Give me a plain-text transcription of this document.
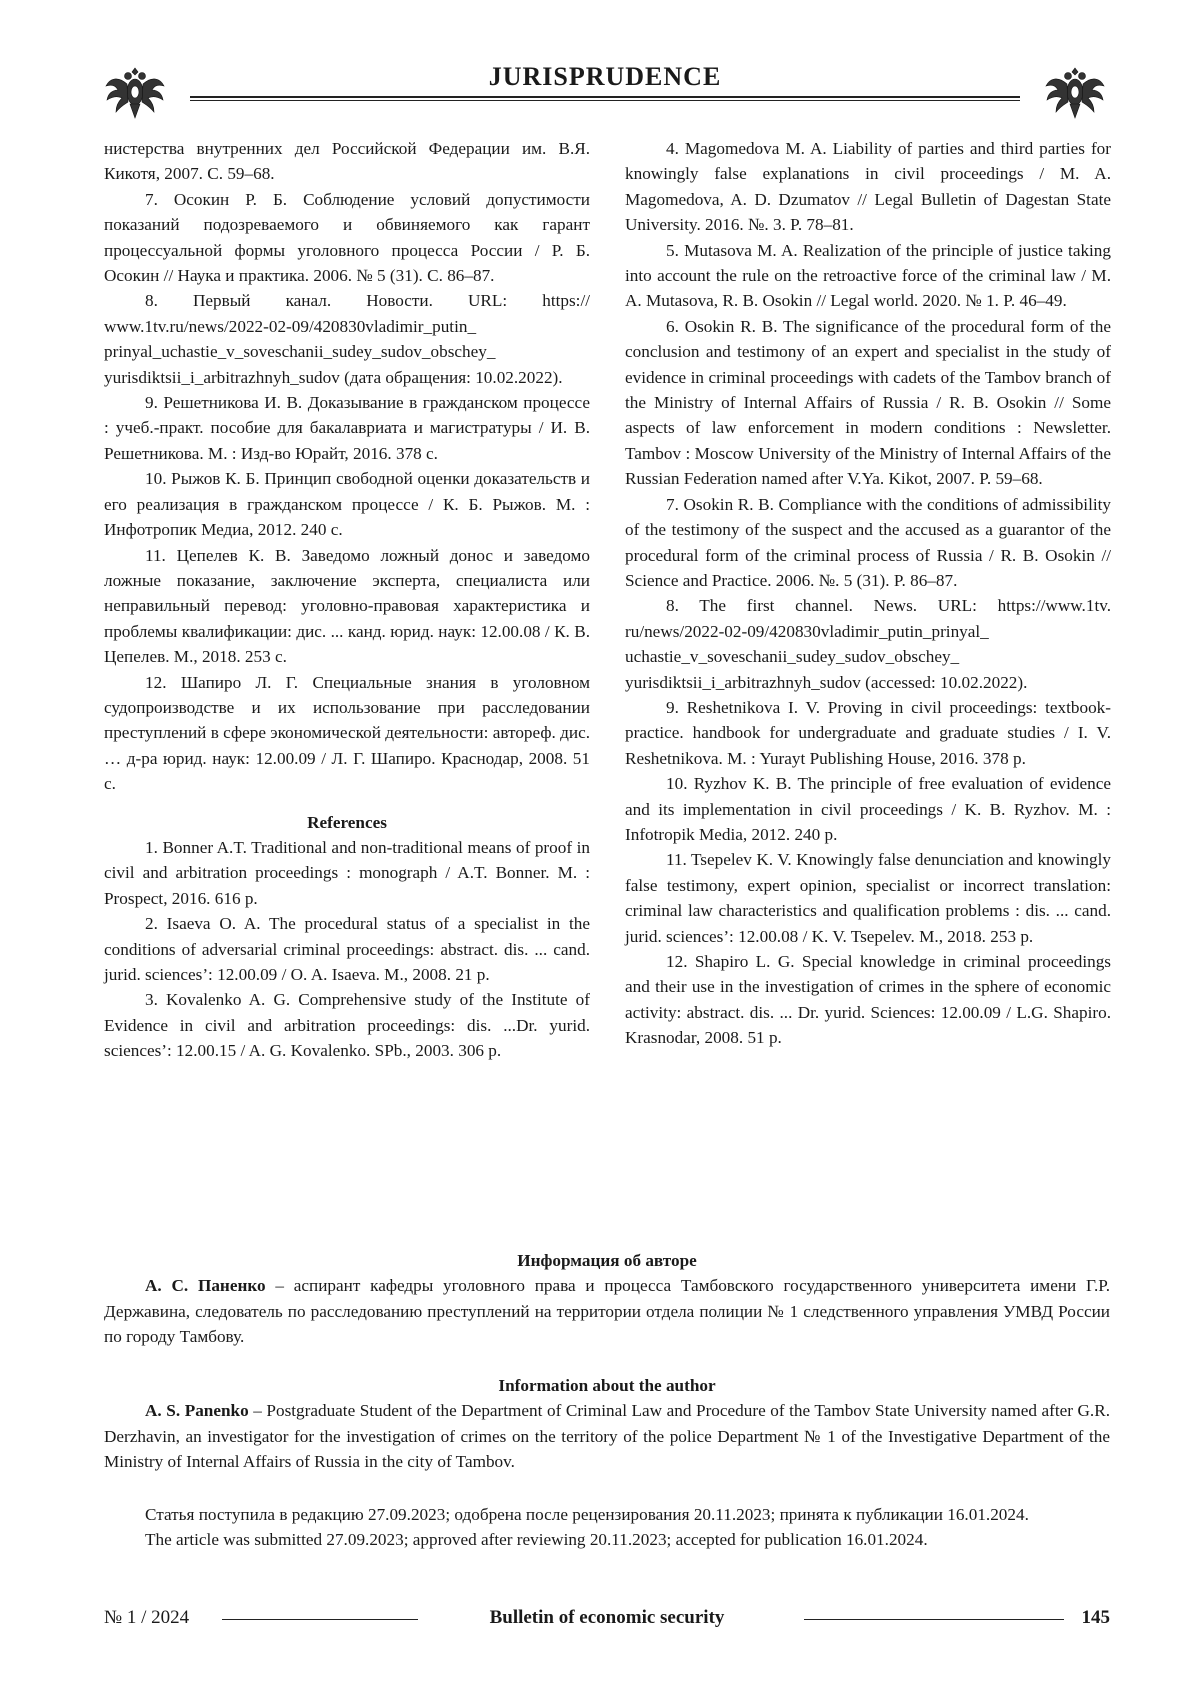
JURISPRUDENCE

нистерства внутренних дел Российской Федерации им. В.Я. Кикотя, 2007. С. 59–68.

7. Осокин Р. Б. Соблюдение условий допустимости показаний подозреваемого и обвиняемого как гарант процессуальной формы уголовного процесса России / Р. Б. Осокин // Наука и практика. 2006. № 5 (31). С. 86–87.

8. Первый канал. Новости. URL: https:// www.1tv.ru/news/2022-02-09/420830vladimir_putin_ prinyal_uchastie_v_soveschanii_sudey_sudov_obschey_ yurisdiktsii_i_arbitrazhnyh_sudov (дата обращения: 10.02.2022).

9. Решетникова И. В. Доказывание в гражданском процессе : учеб.-практ. пособие для бакалавриата и магистратуры / И. В. Решетникова. М. : Изд-во Юрайт, 2016. 378 с.

10. Рыжов К. Б. Принцип свободной оценки доказательств и его реализация в гражданском процессе / К. Б. Рыжов. М. : Инфотропик Медиа, 2012. 240 с.

11. Цепелев К. В. Заведомо ложный донос и заведомо ложные показание, заключение эксперта, специалиста или неправильный перевод: уголовно-правовая характеристика и проблемы квалификации: дис. ... канд. юрид. наук: 12.00.08 / К. В. Цепелев. М., 2018. 253 с.

12. Шапиро Л. Г. Специальные знания в уголовном судопроизводстве и их использование при расследовании преступлений в сфере экономической деятельности: автореф. дис. … д-ра юрид. наук: 12.00.09 / Л. Г. Шапиро. Краснодар, 2008. 51 с.

References

1. Bonner A.T. Traditional and non-traditional means of proof in civil and arbitration proceedings : monograph / A.T. Bonner. M. : Prospect, 2016. 616 p.

2. Isaeva O. A. The procedural status of a specialist in the conditions of adversarial criminal proceedings: abstract. dis. ... cand. jurid. sciences’: 12.00.09 / O. A. Isaeva. M., 2008. 21 p.

3. Kovalenko A. G. Comprehensive study of the Institute of Evidence in civil and arbitration proceedings: dis. ...Dr. yurid. sciences’: 12.00.15 / A. G. Kovalenko. SPb., 2003. 306 p.

4. Magomedova M. A. Liability of parties and third parties for knowingly false explanations in civil proceedings / M. A. Magomedova, A. D. Dzumatov // Legal Bulletin of Dagestan State University. 2016. №. 3. P. 78–81.

5. Mutasova M. A. Realization of the principle of justice taking into account the rule on the retroactive force of the criminal law / M. A. Mutasova, R. B. Osokin // Legal world. 2020. № 1. P. 46–49.

6. Osokin R. B. The significance of the procedural form of the conclusion and testimony of an expert and specialist in the study of evidence in criminal proceedings with cadets of the Tambov branch of the Ministry of Internal Affairs of Russia / R. B. Osokin // Some aspects of law enforcement in modern conditions : Newsletter. Tambov : Moscow University of the Ministry of Internal Affairs of the Russian Federation named after V.Ya. Kikot, 2007. P. 59–68.

7. Osokin R. B. Compliance with the conditions of admissibility of the testimony of the suspect and the accused as a guarantor of the procedural form of the criminal process of Russia / R. B. Osokin // Science and Practice. 2006. №. 5 (31). P. 86–87.

8. The first channel. News. URL: https://www.1tv. ru/news/2022-02-09/420830vladimir_putin_prinyal_ uchastie_v_soveschanii_sudey_sudov_obschey_ yurisdiktsii_i_arbitrazhnyh_sudov (accessed: 10.02.2022).

9. Reshetnikova I. V. Proving in civil proceedings: textbook-practice. handbook for undergraduate and graduate studies / I. V. Reshetnikova. M. : Yurayt Publishing House, 2016. 378 p.

10. Ryzhov K. B. The principle of free evaluation of evidence and its implementation in civil proceedings / K. B. Ryzhov. M. : Infotropik Media, 2012. 240 p.

11. Tsepelev K. V. Knowingly false denunciation and knowingly false testimony, expert opinion, specialist or incorrect translation: criminal law characteristics and qualification problems : dis. ... cand. jurid. sciences’: 12.00.08 / K. V. Tsepelev. M., 2018. 253 p.

12. Shapiro L. G. Special knowledge in criminal proceedings and their use in the investigation of crimes in the sphere of economic activity: abstract. dis. ... Dr. yurid. Sciences: 12.00.09 / L.G. Shapiro. Krasnodar, 2008. 51 p.

Информация об авторе

А. С. Паненко – аспирант кафедры уголовного права и процесса Тамбовского государственного университета имени Г.Р. Державина, следователь по расследованию преступлений на территории отдела полиции № 1 следственного управления УМВД России по городу Тамбову.

Information about the author

A. S. Panenko – Postgraduate Student of the Department of Criminal Law and Procedure of the Tambov State University named after G.R. Derzhavin, an investigator for the investigation of crimes on the territory of the police Department № 1 of the Investigative Department of the Ministry of Internal Affairs of Russia in the city of Tambov.

Статья поступила в редакцию 27.09.2023; одобрена после рецензирования 20.11.2023; принята к публикации 16.01.2024.

The article was submitted 27.09.2023; approved after reviewing 20.11.2023; accepted for publication 16.01.2024.

№ 1 / 2024	Bulletin of economic security	145
